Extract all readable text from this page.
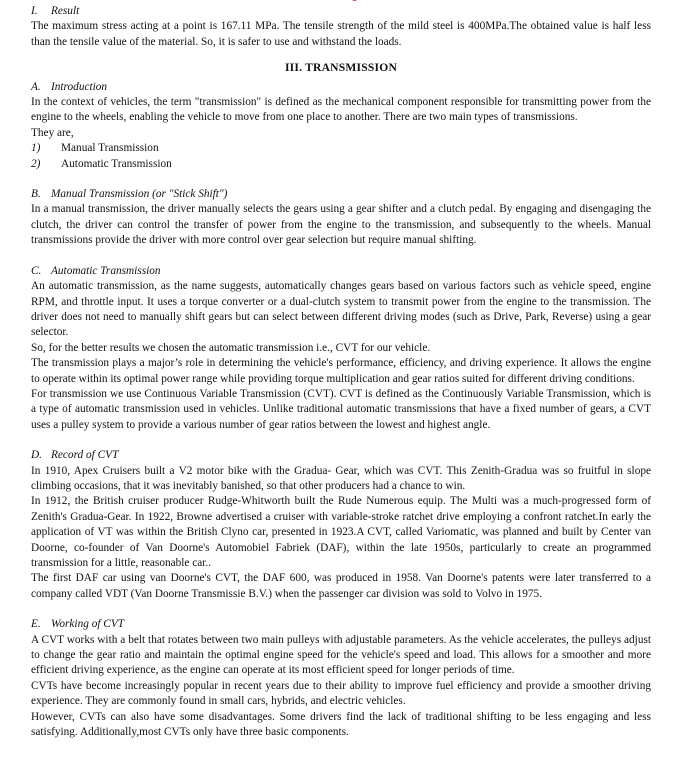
I. Result

The maximum stress acting at a point is 167.11 MPa. The tensile strength of the mild steel is 400MPa.The obtained value is half less than the tensile value of the material. So, it is safer to use and withstand the loads.

III. TRANSMISSION
A. Introduction

In the context of vehicles, the term "transmission" is defined as the mechanical component responsible for transmitting power from the engine to the wheels, enabling the vehicle to move from one place to another. There are two main types of transmissions.

They are,

1) Manual Transmission
2) Automatic Transmission
B. Manual Transmission (or "Stick Shift")

In a manual transmission, the driver manually selects the gears using a gear shifter and a clutch pedal. By engaging and disengaging the clutch, the driver can control the transfer of power from the engine to the transmission, and subsequently to the wheels. Manual transmissions provide the driver with more control over gear selection but require manual shifting.

C. Automatic Transmission

An automatic transmission, as the name suggests, automatically changes gears based on various factors such as vehicle speed, engine RPM, and throttle input. It uses a torque converter or a dual-clutch system to transmit power from the engine to the transmission. The driver does not need to manually shift gears but can select between different driving modes (such as Drive, Park, Reverse) using a gear selector.

So, for the better results we chosen the automatic transmission i.e., CVT for our vehicle.

The transmission plays a major’s role in determining the vehicle's performance, efficiency, and driving experience. It allows the engine to operate within its optimal power range while providing torque multiplication and gear ratios suited for different driving conditions.

For transmission we use Continuous Variable Transmission (CVT). CVT is defined as the Continuously Variable Transmission, which is a type of automatic transmission used in vehicles. Unlike traditional automatic transmissions that have a fixed number of gears, a CVT uses a pulley system to provide a various number of gear ratios between the lowest and highest angle.

D. Record of CVT

In 1910, Apex Cruisers built a V2 motor bike with the Gradua- Gear, which was CVT. This Zenith-Gradua was so fruitful in slope climbing occasions, that it was inevitably banished, so that other producers had a chance to win.

In 1912, the British cruiser producer Rudge-Whitworth built the Rude Numerous equip. The Multi was a much-progressed form of Zenith's Gradua-Gear. In 1922, Browne advertised a cruiser with variable-stroke ratchet drive employing a confront ratchet.In early the application of VT was within the British Clyno car, presented in 1923.A CVT, called Variomatic, was planned and built by Center van Doorne, co-founder of Van Doorne's Automobiel Fabriek (DAF), within the late 1950s, particularly to create an programmed transmission for a little, reasonable car..

The first DAF car using van Doorne's CVT, the DAF 600, was produced in 1958. Van Doorne's patents were later transferred to a company called VDT (Van Doorne Transmissie B.V.) when the passenger car division was sold to Volvo in 1975.

E. Working of CVT

A CVT works with a belt that rotates between two main pulleys with adjustable parameters. As the vehicle accelerates, the pulleys adjust to change the gear ratio and maintain the optimal engine speed for the vehicle's speed and load. This allows for a smoother and more efficient driving experience, as the engine can operate at its most efficient speed for longer periods of time.

CVTs have become increasingly popular in recent years due to their ability to improve fuel efficiency and provide a smoother driving experience. They are commonly found in small cars, hybrids, and electric vehicles.

However, CVTs can also have some disadvantages. Some drivers find the lack of traditional shifting to be less engaging and less satisfying. Additionally,most CVTs only have three basic components.
